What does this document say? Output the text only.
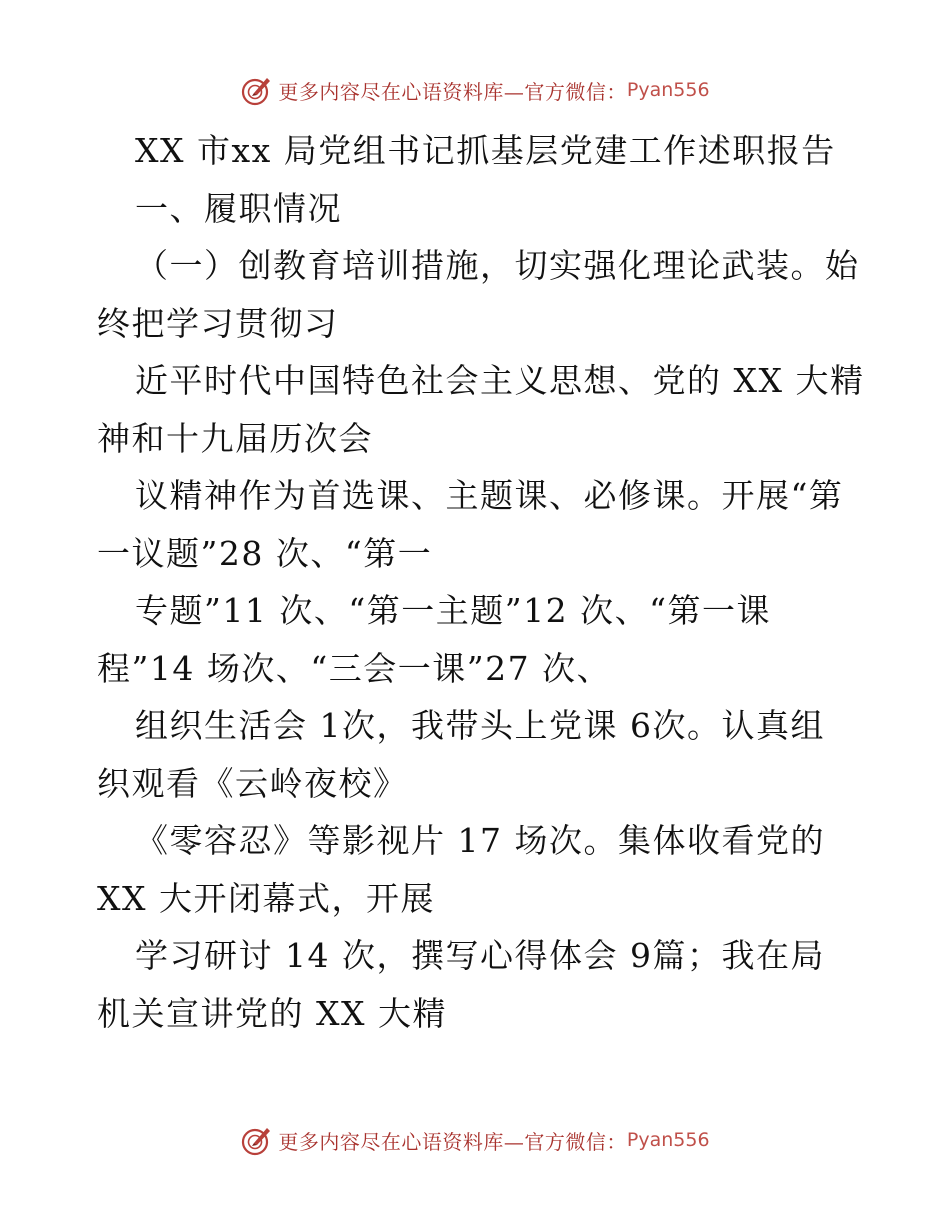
更多内容尽在心语资料库—官方微信： Pyan556
XX 市xx 局党组书记抓基层党建工作述职报告
一、履职情况
（一）创教育培训措施，切实强化理论武装。始
终把学习贯彻习
近平时代中国特色社会主义思想、党的 XX 大精
神和十九届历次会
议精神作为首选课、主题课、必修课。开展“第
一议题”28 次、“第一
专题”11 次、“第一主题”12 次、“第一课
程”14 场次、“三会一课”27 次、
组织生活会 1次，我带头上党课 6次。认真组
织观看《云岭夜校》
《零容忍》等影视片 17 场次。集体收看党的
XX 大开闭幕式，开展
学习研讨 14 次，撰写心得体会 9篇；我在局
机关宣讲党的 XX 大精
更多内容尽在心语资料库—官方微信： Pyan556
